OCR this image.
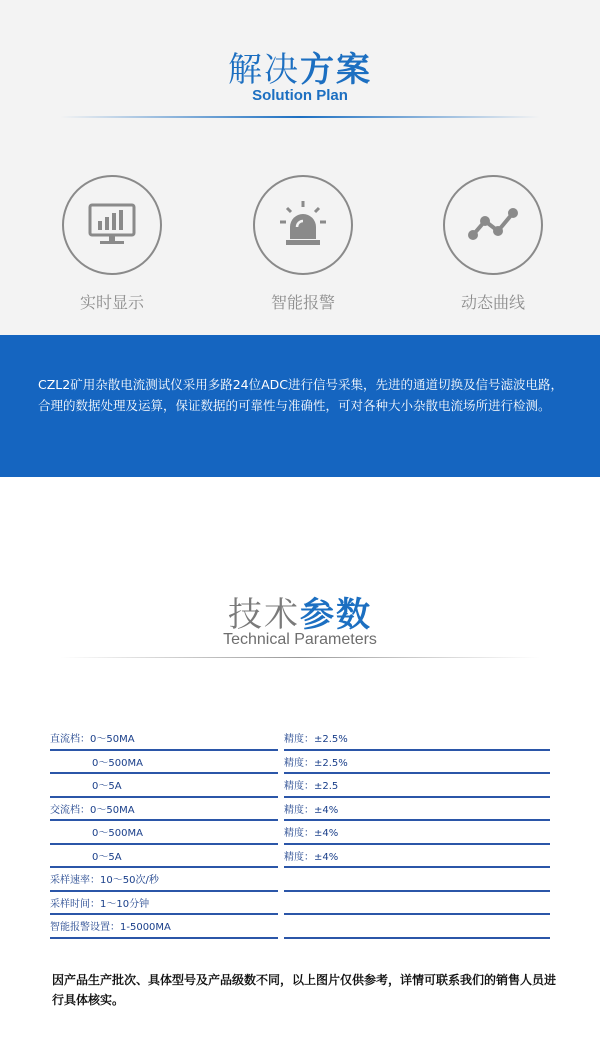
解决方案
Solution Plan
实时显示	智能报警	动态曲线

CZL2矿用杂散电流测试仪采用多路24位ADC进行信号采集，先进的通道切换及信号滤波电路，合理的数据处理及运算，保证数据的可靠性与准确性，可对各种大小杂散电流场所进行检测。

技术参数
Technical Parameters
直流档：0～50MA		精度：±2.5%
0～500MA		精度：±2.5%
0～5A		精度：±2.5
交流档：0～50MA		精度：±4%
0～500MA		精度：±4%
0～5A		精度：±4%
采样速率：10～50次/秒		
采样时间：1～10分钟		
智能报警设置：1-5000MA		
因产品生产批次、具体型号及产品级数不同，以上图片仅供参考，详情可联系我们的销售人员进行具体核实。
